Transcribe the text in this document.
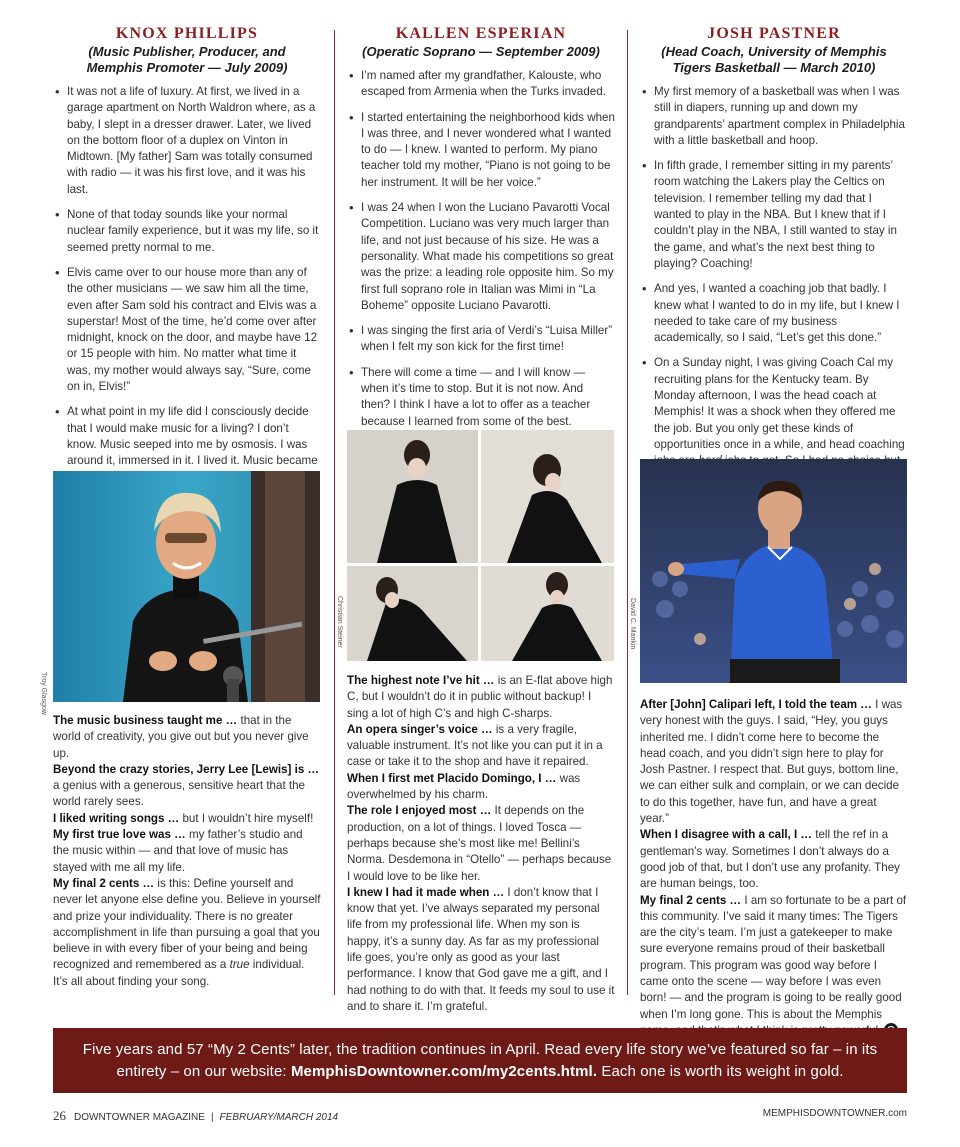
KNOX PHILLIPS
(Music Publisher, Producer, and
Memphis Promoter — July 2009)
• It was not a life of luxury. At first, we lived in a garage apartment on North Waldron where, as a baby, I slept in a dresser drawer. Later, we lived on the bottom floor of a duplex on Vinton in Midtown. [My father] Sam was totally consumed with radio — it was his first love, and it was his last.
• None of that today sounds like your normal nuclear family experience, but it was my life, so it seemed pretty normal to me.
• Elvis came over to our house more than any of the other musicians — we saw him all the time, even after Sam sold his contract and Elvis was a superstar! Most of the time, he’d come over after midnight, knock on the door, and maybe have 12 or 15 people with him. No matter what time it was, my mother would always say, “Sure, come on in, Elvis!”
• At what point in my life did I consciously decide that I would make music for a living? I don’t know. Music seeped into me by osmosis. I was around it, immersed in it. I lived it. Music became
Troy Glasgow
The music business taught me … that in the world of creativity, you give out but you never give up.
Beyond the crazy stories, Jerry Lee [Lewis] is … a genius with a generous, sensitive heart that the world rarely sees.
I liked writing songs … but I wouldn’t hire myself!
My first true love was … my father’s studio and the music within — and that love of music has stayed with me all my life.
My final 2 cents … is this: Define yourself and never let anyone else define you. Believe in yourself and prize your individuality. There is no greater accomplishment in life than pursuing a goal that you believe in with every fiber of your being and being recognized and remembered as a true individual. It’s all about finding your song.
KALLEN ESPERIAN
(Operatic Soprano — September 2009)
• I’m named after my grandfather, Kalouste, who escaped from Armenia when the Turks invaded.
• I started entertaining the neighborhood kids when I was three, and I never wondered what I wanted to do — I knew. I wanted to perform. My piano teacher told my mother, “Piano is not going to be her instrument. It will be her voice.”
• I was 24 when I won the Luciano Pavarotti Vocal Competition. Luciano was very much larger than life, and not just because of his size. He was a personality. What made his competitions so great was the prize: a leading role opposite him. So my first full soprano role in Italian was Mimi in “La Boheme” opposite Luciano Pavarotti.
• I was singing the first aria of Verdi’s “Luisa Miller” when I felt my son kick for the first time!
• There will come a time — and I will know — when it’s time to stop. But it is not now. And then? I think I have a lot to offer as a teacher because I learned from some of the best.
Christian Steiner
The highest note I’ve hit … is an E-flat above high C, but I wouldn’t do it in public without backup! I sing a lot of high C’s and high C-sharps.
An opera singer’s voice … is a very fragile, valuable instrument. It’s not like you can put it in a case or take it to the shop and have it repaired.
When I first met Placido Domingo, I … was overwhelmed by his charm.
The role I enjoyed most … It depends on the production, on a lot of things. I loved Tosca — perhaps because she’s most like me! Bellini’s Norma. Desdemona in “Otello” — perhaps because I would love to be like her.
I knew I had it made when … I don’t know that I know that yet. I’ve always separated my personal life from my professional life. When my son is happy, it’s a sunny day. As far as my professional life goes, you’re only as good as your last performance. I know that God gave me a gift, and I had nothing to do with that. It feeds my soul to use it and to share it. I’m grateful.
JOSH PASTNER
(Head Coach, University of Memphis
Tigers Basketball — March 2010)
• My first memory of a basketball was when I was still in diapers, running up and down my grandparents’ apartment complex in Philadelphia with a little basketball and hoop.
• In fifth grade, I remember sitting in my parents’ room watching the Lakers play the Celtics on television. I remember telling my dad that I wanted to play in the NBA. But I knew that if I couldn’t play in the NBA, I still wanted to stay in the game, and what’s the next best thing to playing? Coaching!
• And yes, I wanted a coaching job that badly. I knew what I wanted to do in my life, but I knew I needed to take care of my business academically, so I said, “Let’s get this done.”
• On a Sunday night, I was giving Coach Cal my recruiting plans for the Kentucky team. By Monday afternoon, I was the head coach at Memphis! It was a shock when they offered me the job. But you only get these kinds of opportunities once in a while, and head coaching
David C. Mankin
After [John] Calipari left, I told the team … I was very honest with the guys. I said, “Hey, you guys inherited me. I didn’t come here to become the head coach, and you didn’t sign here to play for Josh Pastner. I respect that. But guys, bottom line, we can either sulk and complain, or we can decide to do this together, have fun, and have a great year.”
When I disagree with a call, I … tell the ref in a gentleman’s way. Sometimes I don’t always do a good job of that, but I don’t use any profanity. They are human beings, too.
My final 2 cents … I am so fortunate to be a part of this community. I’ve said it many times: The Tigers are the city’s team. I’m just a gatekeeper to make sure everyone remains proud of their basketball program. This program was good way before I came onto the scene — way before I was even born! — and the program is going to be really good when I’m long gone. This is about the Memphis
Five years and 57 “My 2 Cents” later, the tradition continues in April. Read every life story we’ve featured so far – in its
entirety – on our website: MemphisDowntowner.com/my2cents.html. Each one is worth its weight in gold.
26 DOWNTOWNER MAGAZINE | FEBRUARY/MARCH 2014	MEMPHISDOWNTOWNER.com
